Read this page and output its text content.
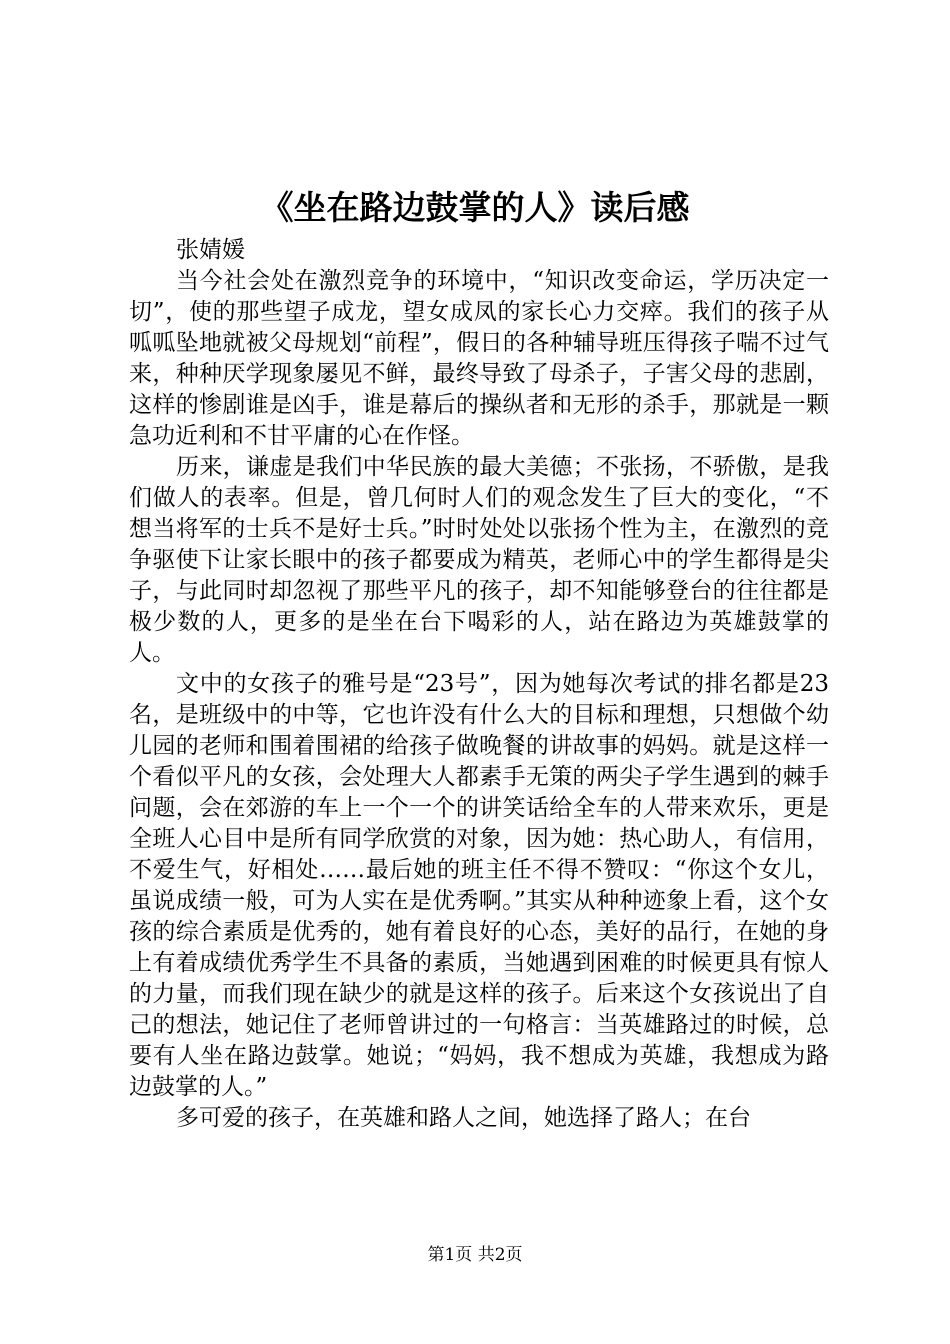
《坐在路边鼓掌的人》读后感

张婧媛

当今社会处在激烈竞争的环境中，“知识改变命运，学历决定一切”，使的那些望子成龙，望女成凤的家长心力交瘁。我们的孩子从呱呱坠地就被父母规划“前程”，假日的各种辅导班压得孩子喘不过气来，种种厌学现象屡见不鲜，最终导致了母杀子，子害父母的悲剧，这样的惨剧谁是凶手，谁是幕后的操纵者和无形的杀手，那就是一颗急功近利和不甘平庸的心在作怪。

历来，谦虚是我们中华民族的最大美德；不张扬，不骄傲，是我们做人的表率。但是，曾几何时人们的观念发生了巨大的变化，“不想当将军的士兵不是好士兵。”时时处处以张扬个性为主，在激烈的竞争驱使下让家长眼中的孩子都要成为精英，老师心中的学生都得是尖子，与此同时却忽视了那些平凡的孩子，却不知能够登台的往往都是极少数的人，更多的是坐在台下喝彩的人，站在路边为英雄鼓掌的人。

文中的女孩子的雅号是“23号”，因为她每次考试的排名都是23名，是班级中的中等，它也许没有什么大的目标和理想，只想做个幼儿园的老师和围着围裙的给孩子做晚餐的讲故事的妈妈。就是这样一个看似平凡的女孩，会处理大人都素手无策的两尖子学生遇到的棘手问题，会在郊游的车上一个一个的讲笑话给全车的人带来欢乐，更是全班人心目中是所有同学欣赏的对象，因为她：热心助人，有信用，不爱生气，好相处……最后她的班主任不得不赞叹：“你这个女儿，虽说成绩一般，可为人实在是优秀啊。”其实从种种迹象上看，这个女孩的综合素质是优秀的，她有着良好的心态，美好的品行，在她的身上有着成绩优秀学生不具备的素质，当她遇到困难的时候更具有惊人的力量，而我们现在缺少的就是这样的孩子。后来这个女孩说出了自己的想法，她记住了老师曾讲过的一句格言：当英雄路过的时候，总要有人坐在路边鼓掌。她说；“妈妈，我不想成为英雄，我想成为路边鼓掌的人。”

多可爱的孩子，在英雄和路人之间，她选择了路人；在台

第1页 共2页
